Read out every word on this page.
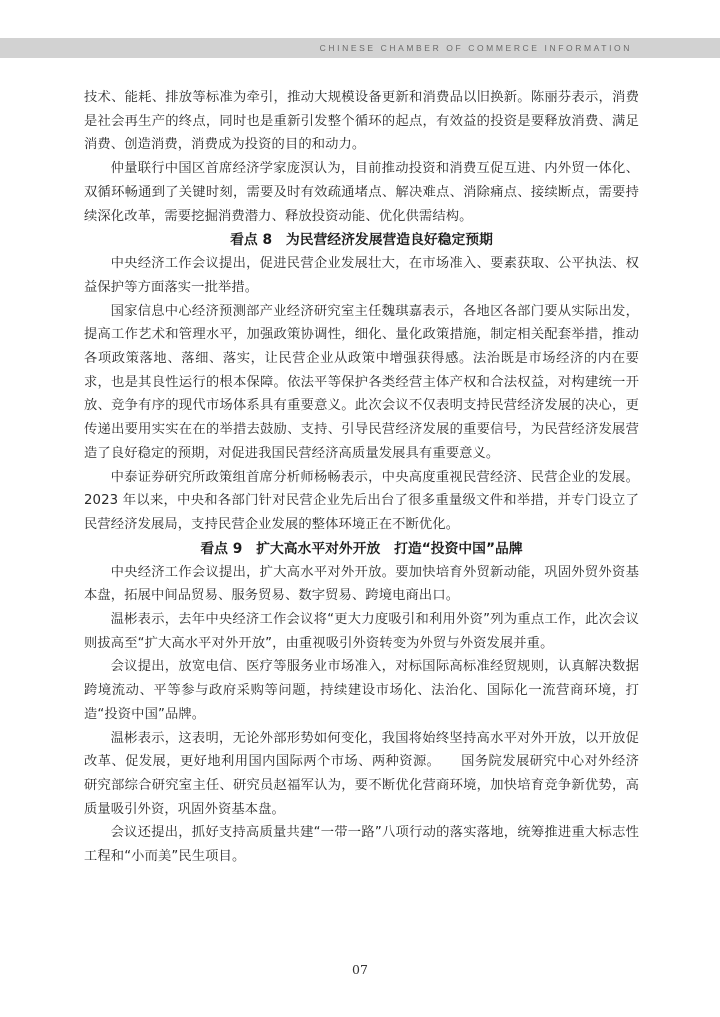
CHINESE CHAMBER OF COMMERCE INFORMATION

技术、能耗、排放等标准为牵引，推动大规模设备更新和消费品以旧换新。陈丽芬表示，消费是社会再生产的终点，同时也是重新引发整个循环的起点，有效益的投资是要释放消费、满足消费、创造消费，消费成为投资的目的和动力。

仲量联行中国区首席经济学家庞溟认为，目前推动投资和消费互促互进、内外贸一体化、双循环畅通到了关键时刻，需要及时有效疏通堵点、解决难点、消除痛点、接续断点，需要持续深化改革，需要挖掘消费潜力、释放投资动能、优化供需结构。

看点 8　为民营经济发展营造良好稳定预期

中央经济工作会议提出，促进民营企业发展壮大，在市场准入、要素获取、公平执法、权益保护等方面落实一批举措。

国家信息中心经济预测部产业经济研究室主任魏琪嘉表示，各地区各部门要从实际出发，提高工作艺术和管理水平，加强政策协调性，细化、量化政策措施，制定相关配套举措，推动各项政策落地、落细、落实，让民营企业从政策中增强获得感。法治既是市场经济的内在要求，也是其良性运行的根本保障。依法平等保护各类经营主体产权和合法权益，对构建统一开放、竞争有序的现代市场体系具有重要意义。此次会议不仅表明支持民营经济发展的决心，更传递出要用实实在在的举措去鼓励、支持、引导民营经济发展的重要信号，为民营经济发展营造了良好稳定的预期，对促进我国民营经济高质量发展具有重要意义。

中泰证券研究所政策组首席分析师杨畅表示，中央高度重视民营经济、民营企业的发展。2023 年以来，中央和各部门针对民营企业先后出台了很多重量级文件和举措，并专门设立了民营经济发展局，支持民营企业发展的整体环境正在不断优化。

看点 9　扩大高水平对外开放　打造“投资中国”品牌

中央经济工作会议提出，扩大高水平对外开放。要加快培育外贸新动能，巩固外贸外资基本盘，拓展中间品贸易、服务贸易、数字贸易、跨境电商出口。

温彬表示，去年中央经济工作会议将“更大力度吸引和利用外资”列为重点工作，此次会议则拔高至“扩大高水平对外开放”，由重视吸引外资转变为外贸与外资发展并重。

会议提出，放宽电信、医疗等服务业市场准入，对标国际高标准经贸规则，认真解决数据跨境流动、平等参与政府采购等问题，持续建设市场化、法治化、国际化一流营商环境，打造“投资中国”品牌。

温彬表示，这表明，无论外部形势如何变化，我国将始终坚持高水平对外开放，以开放促改革、促发展，更好地利用国内国际两个市场、两种资源。　　国务院发展研究中心对外经济研究部综合研究室主任、研究员赵福军认为，要不断优化营商环境，加快培育竞争新优势，高质量吸引外资，巩固外资基本盘。

会议还提出，抓好支持高质量共建“一带一路”八项行动的落实落地，统筹推进重大标志性工程和“小而美”民生项目。

07
